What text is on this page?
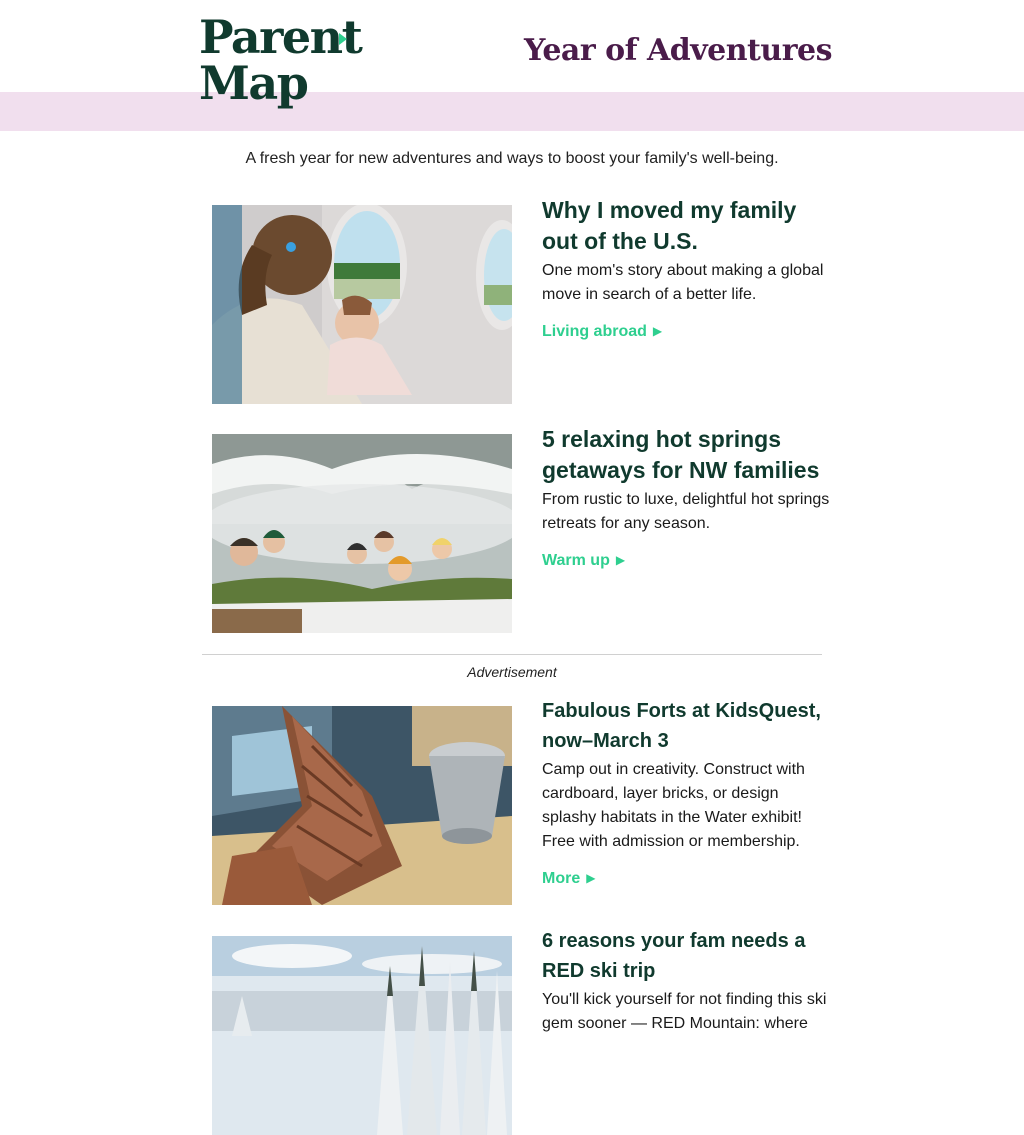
Parent
Map
Year of Adventures
A fresh year for new adventures and ways to boost your family's well-being.
Why I moved my family out of the U.S.

One mom's story about making a global move in search of a better life.

Living abroad ▶
5 relaxing hot springs getaways for NW families

From rustic to luxe, delightful hot springs retreats for any season.

Warm up ▶
Advertisement
Fabulous Forts at KidsQuest, now–March 3

Camp out in creativity. Construct with cardboard, layer bricks, or design splashy habitats in the Water exhibit! Free with admission or membership.

More ▶
6 reasons your fam needs a RED ski trip

You'll kick yourself for not finding this ski gem sooner — RED Mountain: where
